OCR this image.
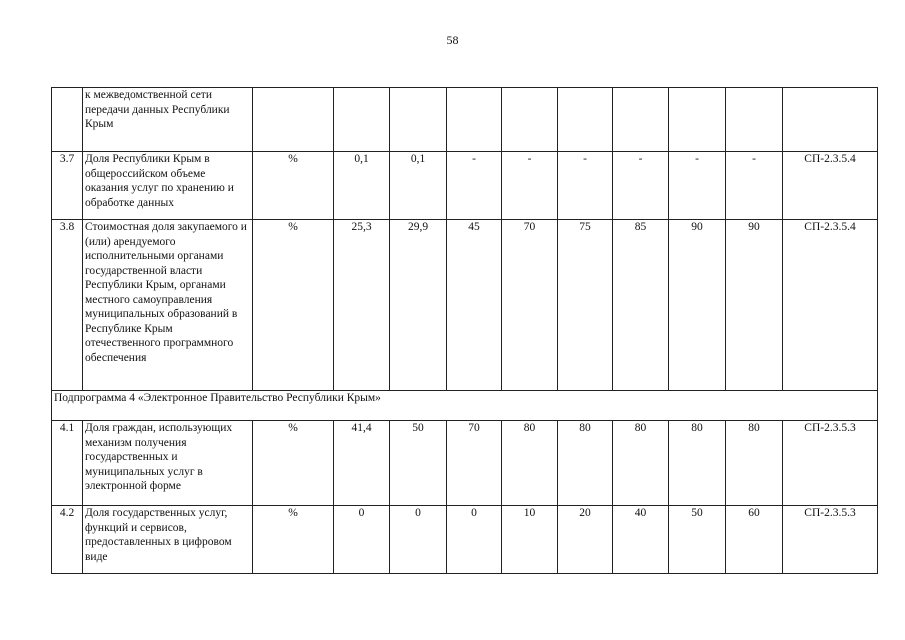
58
	к межведомственной сети передачи данных Республики Крым										
3.7	Доля Республики Крым в общероссийском объеме оказания услуг по хранению и обработке данных	%	0,1	0,1	-	-	-	-	-	-	СП-2.3.5.4
3.8	Стоимостная доля закупаемого и (или) арендуемого исполнительными органами государственной власти Республики Крым, органами местного самоуправления муниципальных образований в Республике Крым отечественного программного обеспечения	%	25,3	29,9	45	70	75	85	90	90	СП-2.3.5.4
Подпрограмма 4 «Электронное Правительство Республики Крым»											
4.1	Доля граждан, использующих механизм получения государственных и муниципальных услуг в электронной форме	%	41,4	50	70	80	80	80	80	80	СП-2.3.5.3
4.2	Доля государственных услуг, функций и сервисов, предоставленных в цифровом виде	%	0	0	0	10	20	40	50	60	СП-2.3.5.3
